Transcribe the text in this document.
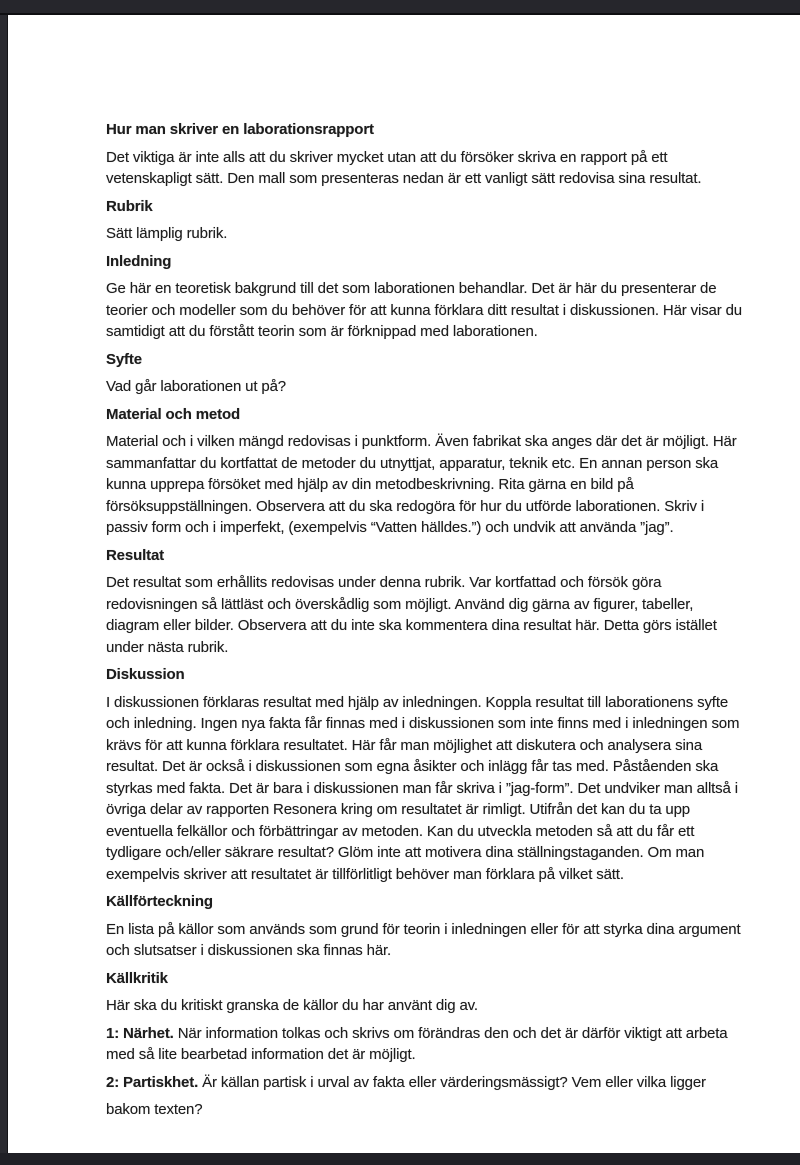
Hur man skriver en laborationsrapport

Det viktiga är inte alls att du skriver mycket utan att du försöker skriva en rapport på ett vetenskapligt sätt. Den mall som presenteras nedan är ett vanligt sätt redovisa sina resultat.

Rubrik

Sätt lämplig rubrik.

Inledning

Ge här en teoretisk bakgrund till det som laborationen behandlar. Det är här du presenterar de teorier och modeller som du behöver för att kunna förklara ditt resultat i diskussionen. Här visar du samtidigt att du förstått teorin som är förknippad med laborationen.

Syfte

Vad går laborationen ut på?

Material och metod

Material och i vilken mängd redovisas i punktform. Även fabrikat ska anges där det är möjligt. Här sammanfattar du kortfattat de metoder du utnyttjat, apparatur, teknik etc. En annan person ska kunna upprepa försöket med hjälp av din metodbeskrivning. Rita gärna en bild på försöksuppställningen. Observera att du ska redogöra för hur du utförde laborationen. Skriv i passiv form och i imperfekt, (exempelvis “Vatten hälldes.”) och undvik att använda ”jag”.

Resultat

Det resultat som erhållits redovisas under denna rubrik. Var kortfattad och försök göra redovisningen så lättläst och överskådlig som möjligt. Använd dig gärna av figurer, tabeller, diagram eller bilder. Observera att du inte ska kommentera dina resultat här. Detta görs istället under nästa rubrik.

Diskussion

I diskussionen förklaras resultat med hjälp av inledningen. Koppla resultat till laborationens syfte och inledning. Ingen nya fakta får finnas med i diskussionen som inte finns med i inledningen som krävs för att kunna förklara resultatet. Här får man möjlighet att diskutera och analysera sina resultat. Det är också i diskussionen som egna åsikter och inlägg får tas med. Påståenden ska styrkas med fakta. Det är bara i diskussionen man får skriva i ”jag-form”. Det undviker man alltså i övriga delar av rapporten Resonera kring om resultatet är rimligt. Utifrån det kan du ta upp eventuella felkällor och förbättringar av metoden. Kan du utveckla metoden så att du får ett tydligare och/eller säkrare resultat? Glöm inte att motivera dina ställningstaganden. Om man exempelvis skriver att resultatet är tillförlitligt behöver man förklara på vilket sätt.

Källförteckning

En lista på källor som används som grund för teorin i inledningen eller för att styrka dina argument och slutsatser i diskussionen ska finnas här.

Källkritik

Här ska du kritiskt granska de källor du har använt dig av.

1: Närhet. När information tolkas och skrivs om förändras den och det är därför viktigt att arbeta med så lite bearbetad information det är möjligt.

2: Partiskhet. Är källan partisk i urval av fakta eller värderingsmässigt? Vem eller vilka ligger

bakom texten?
